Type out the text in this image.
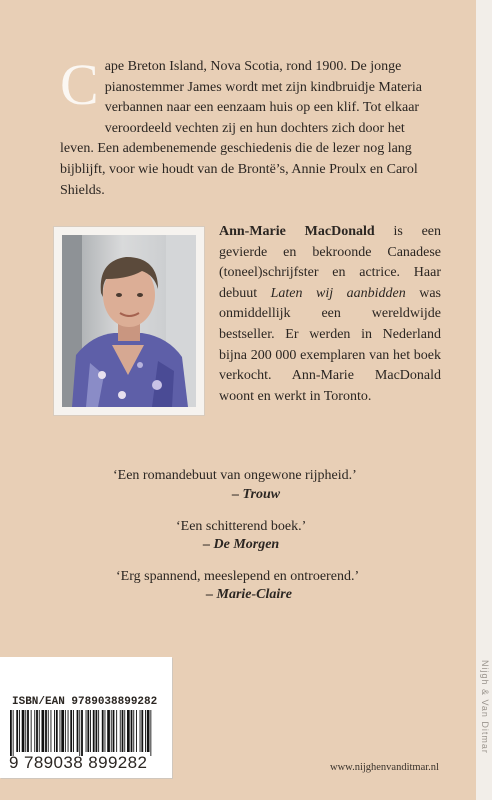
Nijgh & Van Ditmar
Cape Breton Island, Nova Scotia, rond 1900. De jonge pianostemmer James wordt met zijn kindbruidje Materia verbannen naar een eenzaam huis op een klif. Tot elkaar veroordeeld vechten zij en hun dochters zich door het leven. Een adembenemende geschiedenis die de lezer nog lang bijblijft, voor wie houdt van de Brontë’s, Annie Proulx en Carol Shields.
Ann-Marie MacDonald is een gevierde en bekroonde Canadese (toneel)schrijfster en actrice. Haar debuut Laten wij aanbidden was onmiddellijk een wereldwijde bestseller. Er werden in Nederland bijna 200 000 exemplaren van het boek verkocht. Ann-Marie MacDonald woont en werkt in Toronto.
‘Een romandebuut van ongewone rijpheid.’
– Trouw
‘Een schitterend boek.’
– De Morgen
‘Erg spannend, meeslepend en ontroerend.’
– Marie-Claire
ISBN/EAN 9789038899282
9 789038 899282	www.nijghenvanditmar.nl
